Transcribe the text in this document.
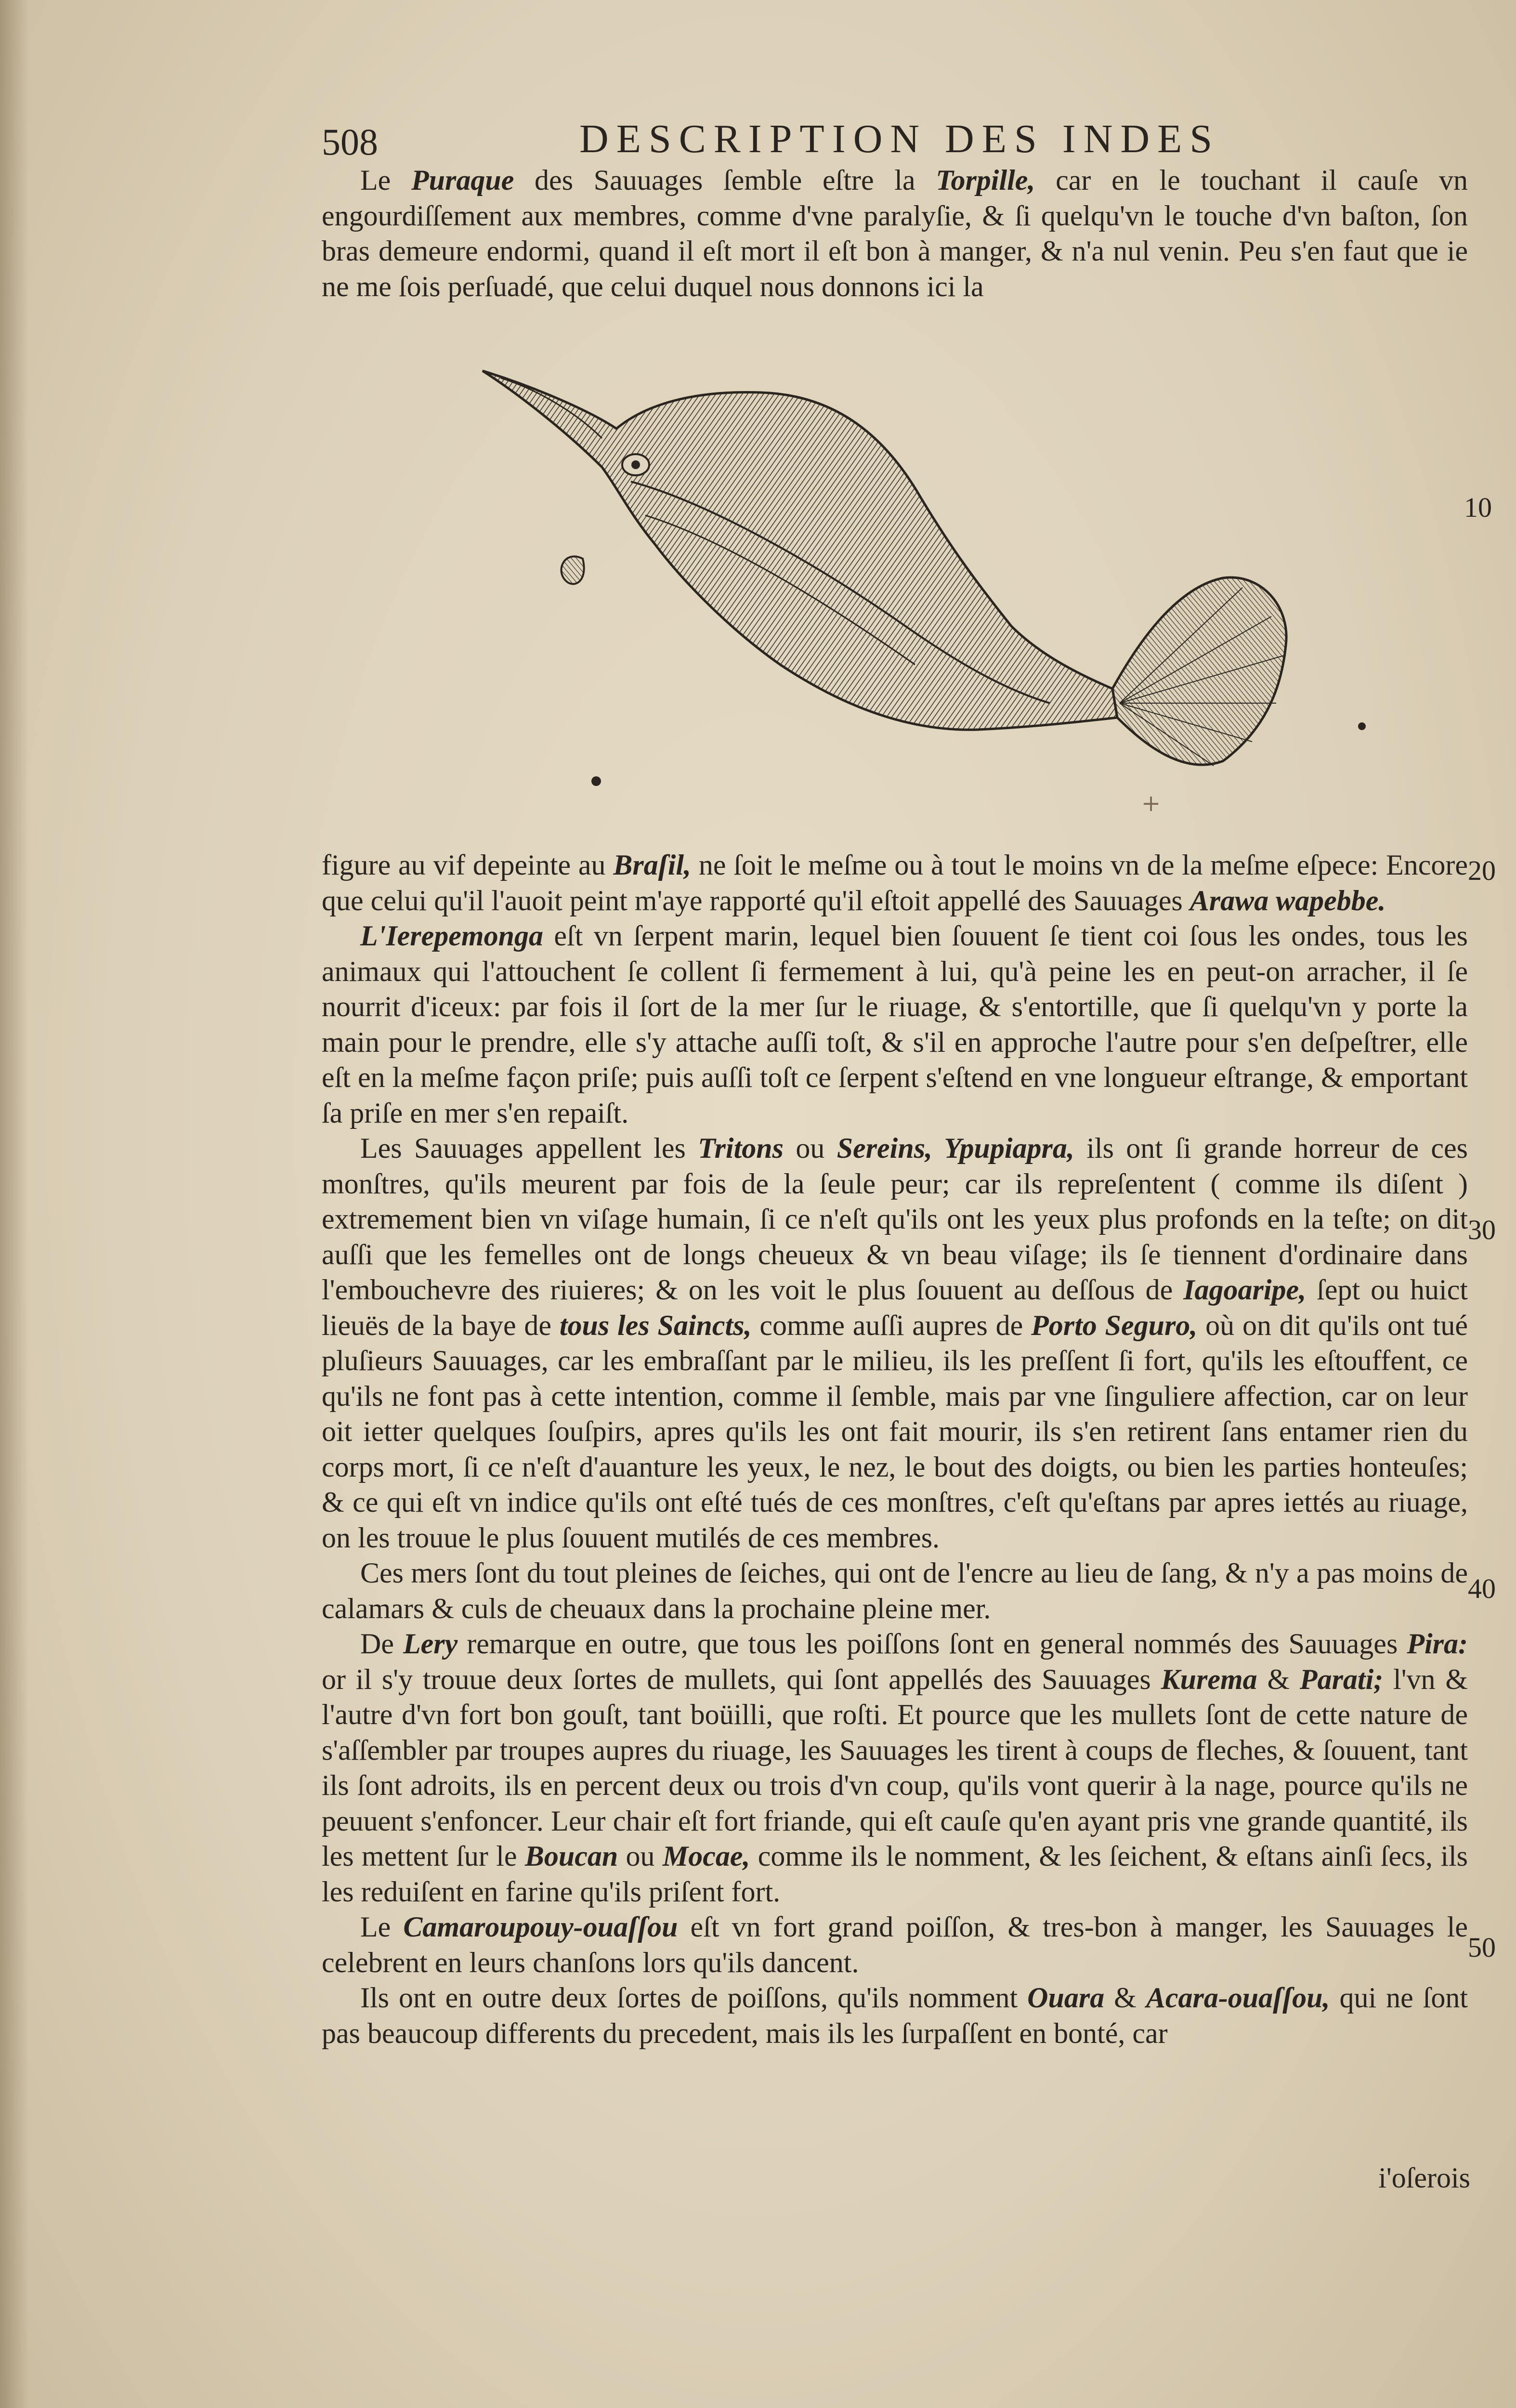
508	DESCRIPTION DES INDES

Le Puraque des Sauuages ſemble eſtre la Torpille, car en le touchant il cauſe vn engourdiſſement aux membres, comme d'vne paralyſie, & ſi quelqu'vn le touche d'vn baſton, ſon bras demeure endormi, quand il eſt mort il eſt bon à manger, & n'a nul venin. Peu s'en faut que ie ne me ſois perſuadé, que celui duquel nous donnons ici la

+

figure au vif depeinte au Braſil, ne ſoit le meſme ou à tout le moins vn de la meſme eſpece: Encore que celui qu'il l'auoit peint m'aye rapporté qu'il eſtoit appellé des Sauuages Arawa wapebbe.

L'Ierepemonga eſt vn ſerpent marin, lequel bien ſouuent ſe tient coi ſous les ondes, tous les animaux qui l'attouchent ſe collent ſi fermement à lui, qu'à peine les en peut-on arracher, il ſe nourrit d'iceux: par fois il ſort de la mer ſur le riuage, & s'entortille, que ſi quelqu'vn y porte la main pour le prendre, elle s'y attache auſſi toſt, & s'il en approche l'autre pour s'en deſpeſtrer, elle eſt en la meſme façon priſe; puis auſſi toſt ce ſerpent s'eſtend en vne longueur eſtrange, & emportant ſa priſe en mer s'en repaiſt.

Les Sauuages appellent les Tritons ou Sereins, Ypupiapra, ils ont ſi grande horreur de ces monſtres, qu'ils meurent par fois de la ſeule peur; car ils repreſentent ( comme ils diſent ) extremement bien vn viſage humain, ſi ce n'eſt qu'ils ont les yeux plus profonds en la teſte; on dit auſſi que les femelles ont de longs cheueux & vn beau viſage; ils ſe tiennent d'ordinaire dans l'embouchevre des riuieres; & on les voit le plus ſouuent au deſſous de Iagoaripe, ſept ou huict lieuës de la baye de tous les Saincts, comme auſſi aupres de Porto Seguro, où on dit qu'ils ont tué pluſieurs Sauuages, car les embraſſant par le milieu, ils les preſſent ſi fort, qu'ils les eſtouffent, ce qu'ils ne font pas à cette intention, comme il ſemble, mais par vne ſinguliere affection, car on leur oit ietter quelques ſouſpirs, apres qu'ils les ont fait mourir, ils s'en retirent ſans entamer rien du corps mort, ſi ce n'eſt d'auanture les yeux, le nez, le bout des doigts, ou bien les parties honteuſes; & ce qui eſt vn indice qu'ils ont eſté tués de ces monſtres, c'eſt qu'eſtans par apres iettés au riuage, on les trouue le plus ſouuent mutilés de ces membres.

Ces mers ſont du tout pleines de ſeiches, qui ont de l'encre au lieu de ſang, & n'y a pas moins de calamars & culs de cheuaux dans la prochaine pleine mer.

De Lery remarque en outre, que tous les poiſſons ſont en general nommés des Sauuages Pira: or il s'y trouue deux ſortes de mullets, qui ſont appellés des Sauuages Kurema & Parati; l'vn & l'autre d'vn fort bon gouſt, tant boüilli, que roſti. Et pource que les mullets ſont de cette nature de s'aſſembler par troupes aupres du riuage, les Sauuages les tirent à coups de fleches, & ſouuent, tant ils ſont adroits, ils en percent deux ou trois d'vn coup, qu'ils vont querir à la nage, pource qu'ils ne peuuent s'enfoncer. Leur chair eſt fort friande, qui eſt cauſe qu'en ayant pris vne grande quantité, ils les mettent ſur le Boucan ou Mocae, comme ils le nomment, & les ſeichent, & eſtans ainſi ſecs, ils les reduiſent en farine qu'ils priſent fort.

Le Camaroupouy-ouaſſou eſt vn fort grand poiſſon, & tres-bon à manger, les Sauuages le celebrent en leurs chanſons lors qu'ils dancent.

Ils ont en outre deux ſortes de poiſſons, qu'ils nomment Ouara & Acara-ouaſſou, qui ne ſont pas beaucoup differents du precedent, mais ils les ſurpaſſent en bonté, car

10
20
30
40
50
i'oſerois
